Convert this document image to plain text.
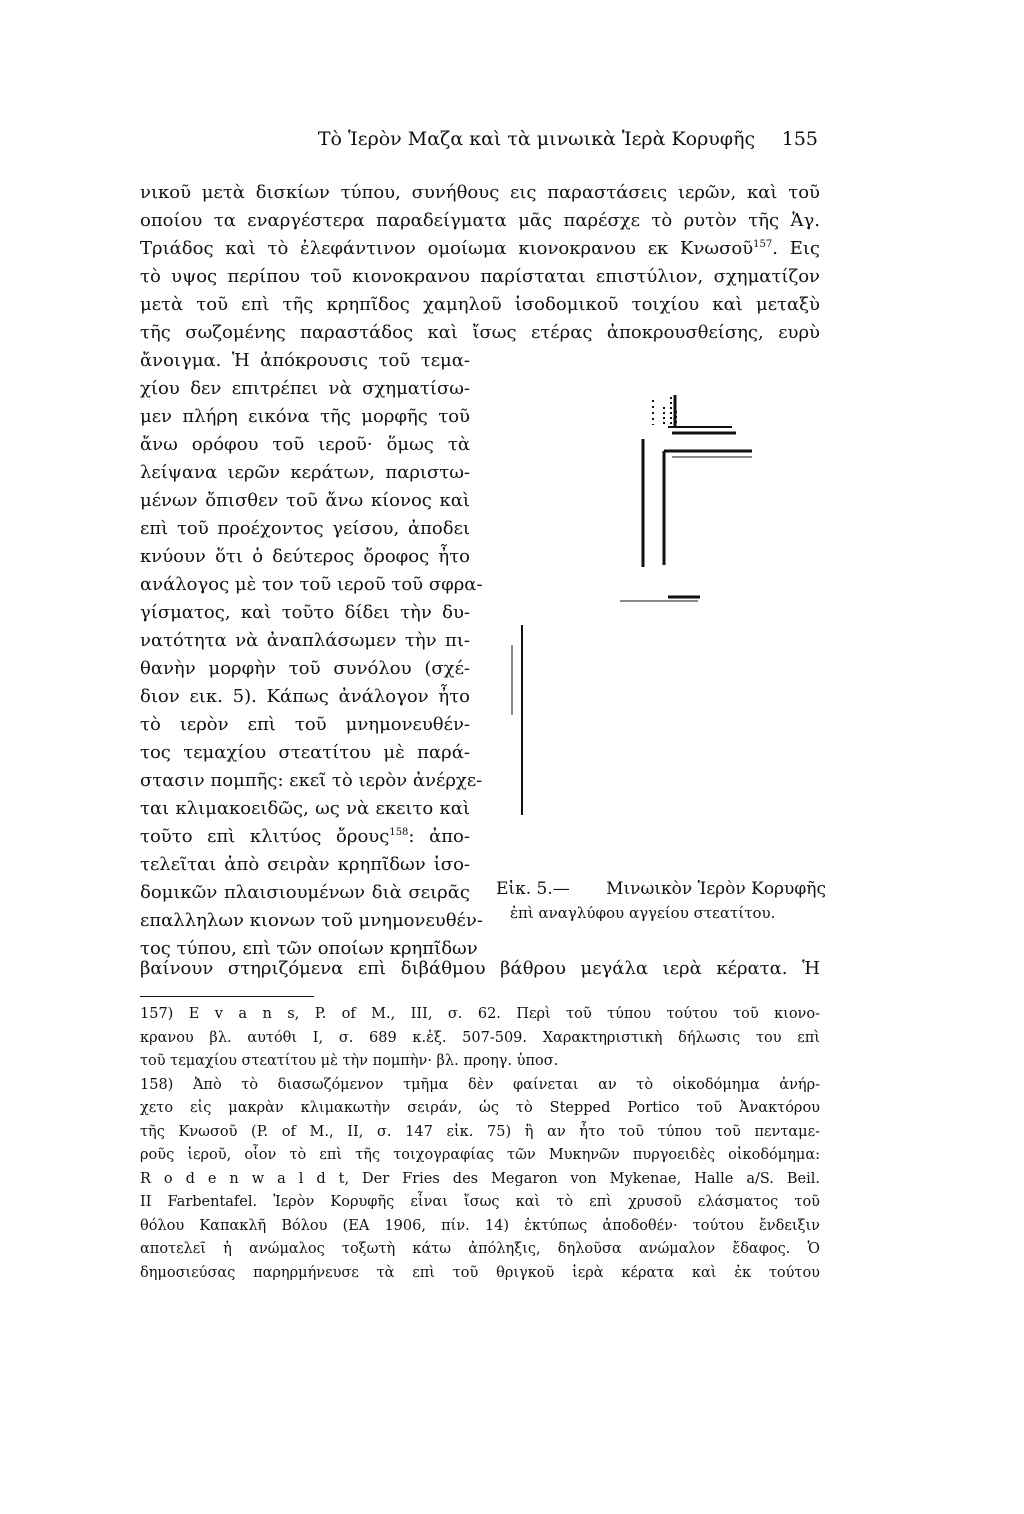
Τὸ Ἱερὸν Μαζα καὶ τὰ μινωικὰ Ἱερὰ Κορυφῆς	155
νικοῦ μετὰ δισκίων τύπου, συνήθους εις παραστάσεις ιερῶν, καὶ τοῦ
οποίου τα εναργέστερα παραδείγματα μᾶς παρέσχε τὸ ρυτὸν τῆς Ἁγ.
Τριάδος καὶ τὸ ἐλεφάντινον ομοίωμα κιονοκρανου εκ Κνωσοῦ$^{157}$. Εις
τὸ υψος περίπου τοῦ κιονοκρανου παρίσταται επιστύλιον, σχηματίζον
μετὰ τοῦ επὶ τῆς κρηπῖδος χαμηλοῦ ἰσοδομικοῦ τοιχίου καὶ μεταξὺ
τῆς σωζομένης παραστάδος καὶ ἴσως ετέρας ἀποκρουσθείσης, ευρὺ
ἄνοιγμα. Ἡ ἀπόκρουσις τοῦ τεμα-
χίου δεν επιτρέπει νὰ σχηματίσω-
μεν πλήρη εικόνα τῆς μορφῆς τοῦ
ἄνω ορόφου τοῦ ιεροῦ· ὅμως τὰ
λείψανα ιερῶν κεράτων, παριστω-
μένων ὄπισθεν τοῦ ἄνω κίονος καὶ
επὶ τοῦ προέχοντος γείσου, ἀποδει
κνύουν ὅτι ὁ δεύτερος ὄροφος ἦτο
ανάλογος μὲ τον τοῦ ιεροῦ τοῦ σφρα-
γίσματος, καὶ τοῦτο δίδει τὴν δυ-
νατότητα νὰ ἀναπλάσωμεν τὴν πι-
θανὴν μορφὴν τοῦ συνόλου (σχέ-
διον εικ. 5). Κάπως ἀνάλογον ἦτο
τὸ ιερὸν επὶ τοῦ μνημονευθέν-
τος τεμαχίου στεατίτου μὲ παρά-
στασιν πομπῆς: εκεῖ τὸ ιερὸν ἀνέρχε-
ται κλιμακοειδῶς, ως νὰ εκειτο καὶ
τοῦτο επὶ κλιτύος ὄρους$^{158}$: ἀπο-
τελεῖται ἀπὸ σειρὰν κρηπῖδων ἰσο-
δομικῶν πλαισιουμένων διὰ σειρᾶς
επαλληλων κιονων τοῦ μνημονευθέν-
τος τύπου, επὶ τῶν οποίων κρηπῖδων
Εἰκ. 5.— Μινωικὸν Ἱερὸν Κορυφῆς
ἐπὶ αναγλύφου αγγείου στεατίτου.
βαίνουν στηριζόμενα επὶ διβάθμου βάθρου μεγάλα ιερὰ κέρατα. Ἡ
157) E v a n s, P. of M., III, σ. 62. Περὶ τοῦ τύπου τούτου τοῦ κιονο-
κρανου βλ. αυτόθι I, σ. 689 κ.ἑξ. 507-509. Χαρακτηριστικὴ δήλωσις του επὶ
τοῦ τεμαχίου στεατίτου μὲ τὴν πομπὴν· βλ. προηγ. ὑποσ.
158) Ἀπὸ τὸ διασωζόμενον τμῆμα δὲν φαίνεται αν τὸ οἰκοδόμημα ἀνήρ-
χετο εἰς μακρὰν κλιμακωτὴν σειράν, ὡς τὸ Stepped Portico τοῦ Ἀνακτόρου
τῆς Κνωσοῦ (P. of M., II, σ. 147 εἰκ. 75) ἢ αν ἦτο τοῦ τύπου τοῦ πενταμε-
ροῦς ἱεροῦ, οἷον τὸ επὶ τῆς τοιχογραφίας τῶν Μυκηνῶν πυργοειδὲς οἰκοδόμημα:
R o d e n w a l d t, Der Fries des Megaron von Mykenae, Halle a/S. Beil.
II Farbentafel. Ἱερὸν Κορυφῆς εἶναι ἴσως καὶ τὸ επὶ χρυσοῦ ελάσματος τοῦ
θόλου Καπακλῆ Βόλου (ΕΑ 1906, πίν. 14) ἐκτύπως ἀποδοθέν· τούτου ἔνδειξιν
αποτελεῖ ἡ ανώμαλος τοξωτὴ κάτω ἀπόληξις, δηλοῦσα ανώμαλον ἔδαφος. Ὁ
δημοσιεύσας παρηρμήνευσε τὰ επὶ τοῦ θριγκοῦ ἱερὰ κέρατα καὶ ἐκ τούτου
